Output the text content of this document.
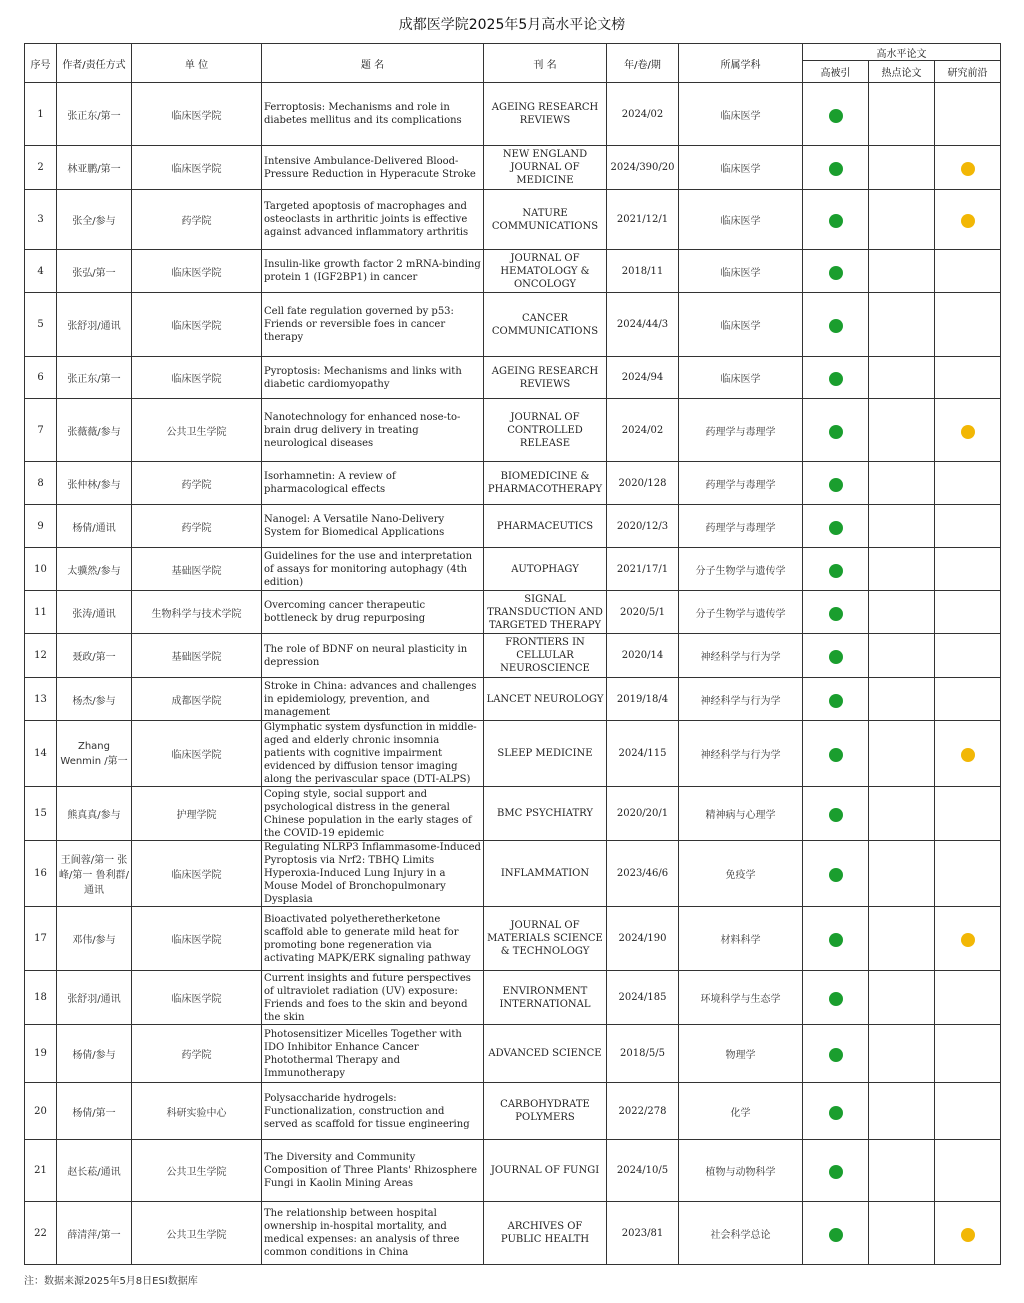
成都医学院2025年5月高水平论文榜
序号	作者/责任方式	单 位	题 名	刊 名	年/卷/期	所属学科	高水平论文		
							高被引	热点论文	研究前沿
1	张正东/第一	临床医学院	Ferroptosis: Mechanisms and role in diabetes mellitus and its complications	AGEING RESEARCH REVIEWS	2024/02	临床医学			
2	林亚鹏/第一	临床医学院	Intensive Ambulance-Delivered Blood-Pressure Reduction in Hyperacute Stroke	NEW ENGLAND JOURNAL OF MEDICINE	2024/390/20	临床医学			
3	张全/参与	药学院	Targeted apoptosis of macrophages and osteoclasts in arthritic joints is effective against advanced inflammatory arthritis	NATURE COMMUNICATIONS	2021/12/1	临床医学			
4	张弘/第一	临床医学院	Insulin-like growth factor 2 mRNA-binding protein 1 (IGF2BP1) in cancer	JOURNAL OF HEMATOLOGY & ONCOLOGY	2018/11	临床医学			
5	张舒羽/通讯	临床医学院	Cell fate regulation governed by p53: Friends or reversible foes in cancer therapy	CANCER COMMUNICATIONS	2024/44/3	临床医学			
6	张正东/第一	临床医学院	Pyroptosis: Mechanisms and links with diabetic cardiomyopathy	AGEING RESEARCH REVIEWS	2024/94	临床医学			
7	张薇薇/参与	公共卫生学院	Nanotechnology for enhanced nose-to-brain drug delivery in treating neurological diseases	JOURNAL OF CONTROLLED RELEASE	2024/02	药理学与毒理学			
8	张仲林/参与	药学院	Isorhamnetin: A review of pharmacological effects	BIOMEDICINE & PHARMACOTHERAPY	2020/128	药理学与毒理学			
9	杨倩/通讯	药学院	Nanogel: A Versatile Nano-Delivery System for Biomedical Applications	PHARMACEUTICS	2020/12/3	药理学与毒理学			
10	太骥然/参与	基础医学院	Guidelines for the use and interpretation of assays for monitoring autophagy (4th edition)	AUTOPHAGY	2021/17/1	分子生物学与遗传学			
11	张涛/通讯	生物科学与技术学院	Overcoming cancer therapeutic bottleneck by drug repurposing	SIGNAL TRANSDUCTION AND TARGETED THERAPY	2020/5/1	分子生物学与遗传学			
12	聂政/第一	基础医学院	The role of BDNF on neural plasticity in depression	FRONTIERS IN CELLULAR NEUROSCIENCE	2020/14	神经科学与行为学			
13	杨杰/参与	成都医学院	Stroke in China: advances and challenges in epidemiology, prevention, and management	LANCET NEUROLOGY	2019/18/4	神经科学与行为学			
14	Zhang Wenmin /第一	临床医学院	Glymphatic system dysfunction in middle-aged and elderly chronic insomnia patients with cognitive impairment evidenced by diffusion tensor imaging along the perivascular space (DTI-ALPS)	SLEEP MEDICINE	2024/115	神经科学与行为学			
15	熊真真/参与	护理学院	Coping style, social support and psychological distress in the general Chinese population in the early stages of the COVID-19 epidemic	BMC PSYCHIATRY	2020/20/1	精神病与心理学			
16	王阆蓉/第一 张峰/第一 鲁利群/通讯	临床医学院	Regulating NLRP3 Inflammasome-Induced Pyroptosis via Nrf2: TBHQ Limits Hyperoxia-Induced Lung Injury in a Mouse Model of Bronchopulmonary Dysplasia	INFLAMMATION	2023/46/6	免疫学			
17	邓伟/参与	临床医学院	Bioactivated polyetheretherketone scaffold able to generate mild heat for promoting bone regeneration via activating MAPK/ERK signaling pathway	JOURNAL OF MATERIALS SCIENCE & TECHNOLOGY	2024/190	材料科学			
18	张舒羽/通讯	临床医学院	Current insights and future perspectives of ultraviolet radiation (UV) exposure: Friends and foes to the skin and beyond the skin	ENVIRONMENT INTERNATIONAL	2024/185	环境科学与生态学			
19	杨倩/参与	药学院	Photosensitizer Micelles Together with IDO Inhibitor Enhance Cancer Photothermal Therapy and Immunotherapy	ADVANCED SCIENCE	2018/5/5	物理学			
20	杨倩/第一	科研实验中心	Polysaccharide hydrogels: Functionalization, construction and served as scaffold for tissue engineering	CARBOHYDRATE POLYMERS	2022/278	化学			
21	赵长菘/通讯	公共卫生学院	The Diversity and Community Composition of Three Plants' Rhizosphere Fungi in Kaolin Mining Areas	JOURNAL OF FUNGI	2024/10/5	植物与动物科学			
22	薛清萍/第一	公共卫生学院	The relationship between hospital ownership in-hospital mortality, and medical expenses: an analysis of three common conditions in China	ARCHIVES OF PUBLIC HEALTH	2023/81	社会科学总论			
注：数据来源2025年5月8日ESI数据库
